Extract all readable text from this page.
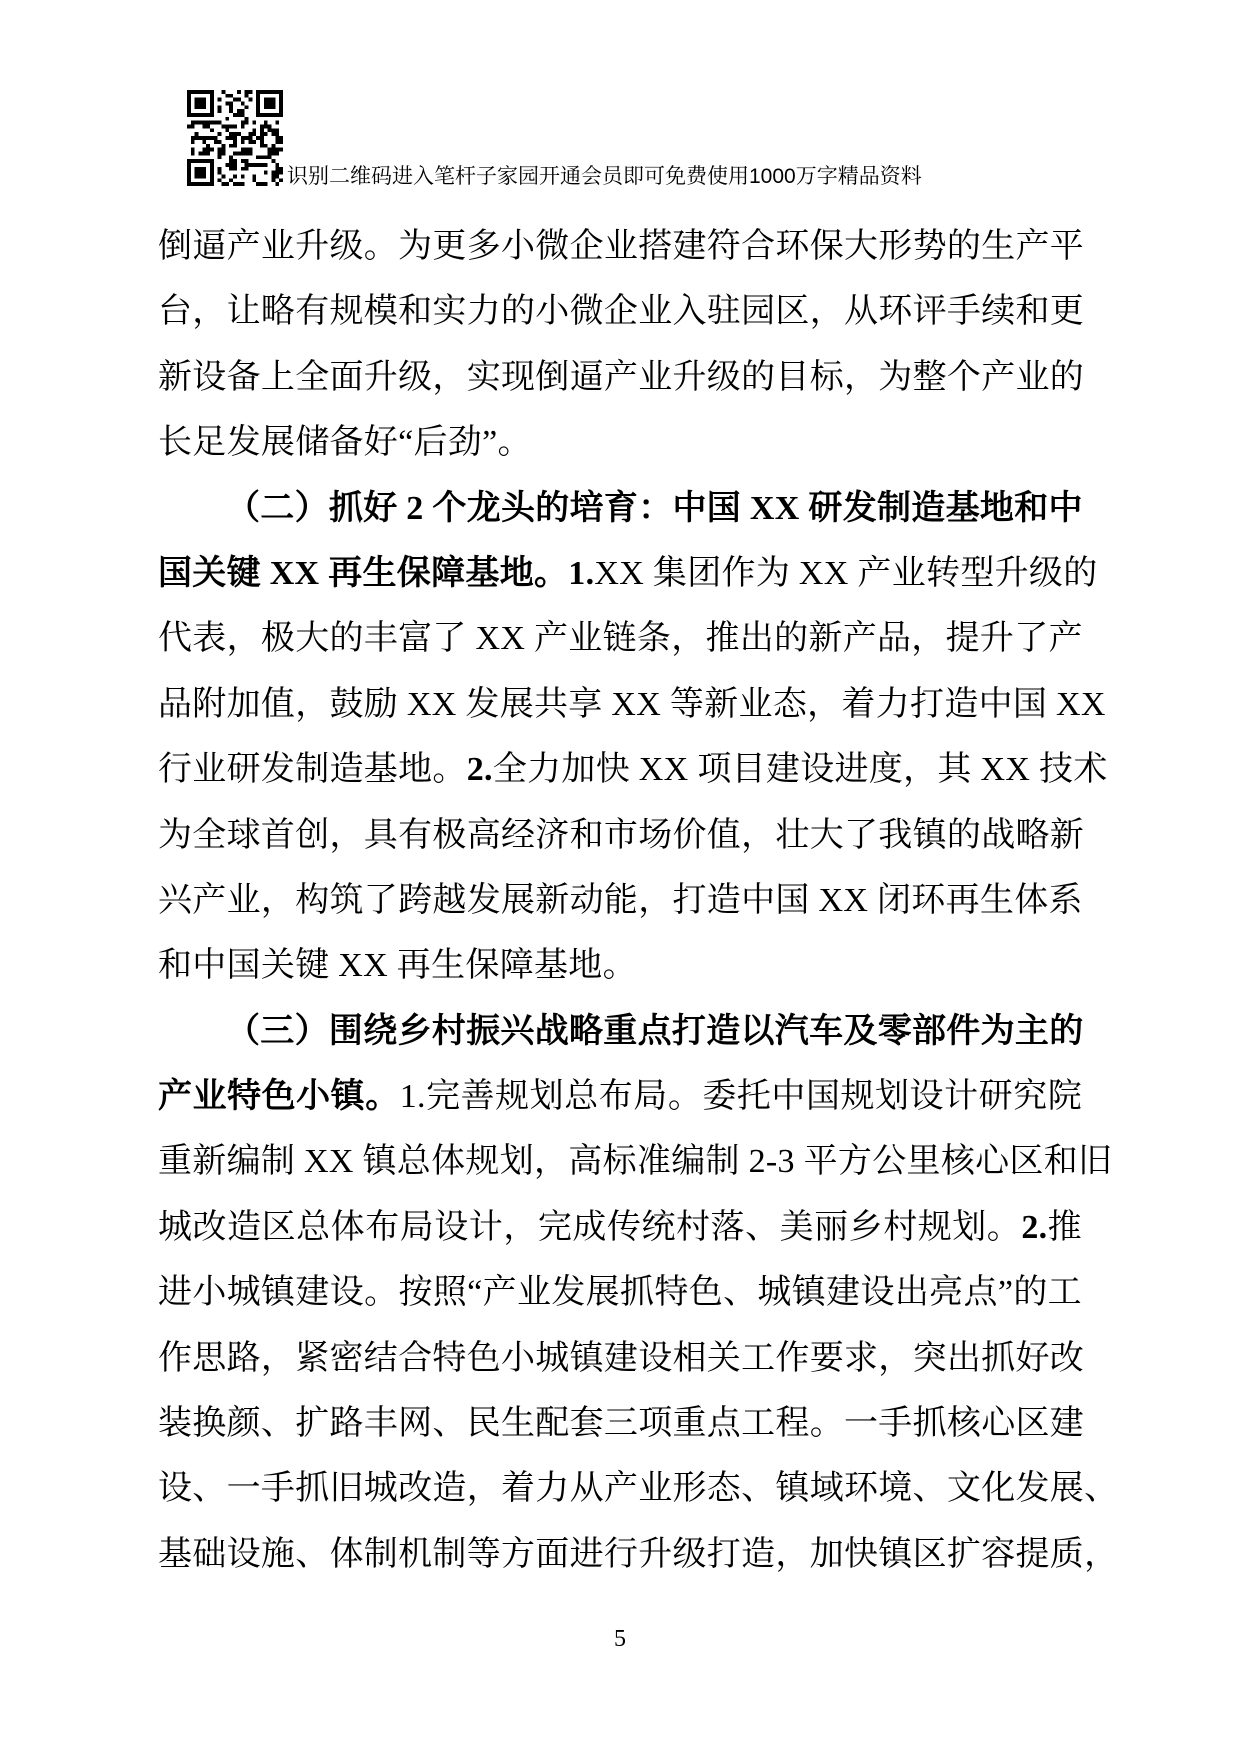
识别二维码进入笔杆子家园开通会员即可免费使用1000万字精品资料
倒逼产业升级。为更多小微企业搭建符合环保大形势的生产平
台，让略有规模和实力的小微企业入驻园区，从环评手续和更
新设备上全面升级，实现倒逼产业升级的目标，为整个产业的
长足发展储备好“后劲”。
（二）抓好 2 个龙头的培育：中国 XX 研发制造基地和中
国关键 XX 再生保障基地。1.XX 集团作为 XX 产业转型升级的
代表，极大的丰富了 XX 产业链条，推出的新产品，提升了产
品附加值，鼓励 XX 发展共享 XX 等新业态，着力打造中国 XX
行业研发制造基地。2.全力加快 XX 项目建设进度，其 XX 技术
为全球首创，具有极高经济和市场价值，壮大了我镇的战略新
兴产业，构筑了跨越发展新动能，打造中国 XX 闭环再生体系
和中国关键 XX 再生保障基地。
（三）围绕乡村振兴战略重点打造以汽车及零部件为主的
产业特色小镇。1.完善规划总布局。委托中国规划设计研究院
重新编制 XX 镇总体规划，高标准编制 2-3 平方公里核心区和旧
城改造区总体布局设计，完成传统村落、美丽乡村规划。2.推
进小城镇建设。按照“产业发展抓特色、城镇建设出亮点”的工
作思路，紧密结合特色小城镇建设相关工作要求，突出抓好改
装换颜、扩路丰网、民生配套三项重点工程。一手抓核心区建
设、一手抓旧城改造，着力从产业形态、镇域环境、文化发展、
基础设施、体制机制等方面进行升级打造，加快镇区扩容提质，
5
